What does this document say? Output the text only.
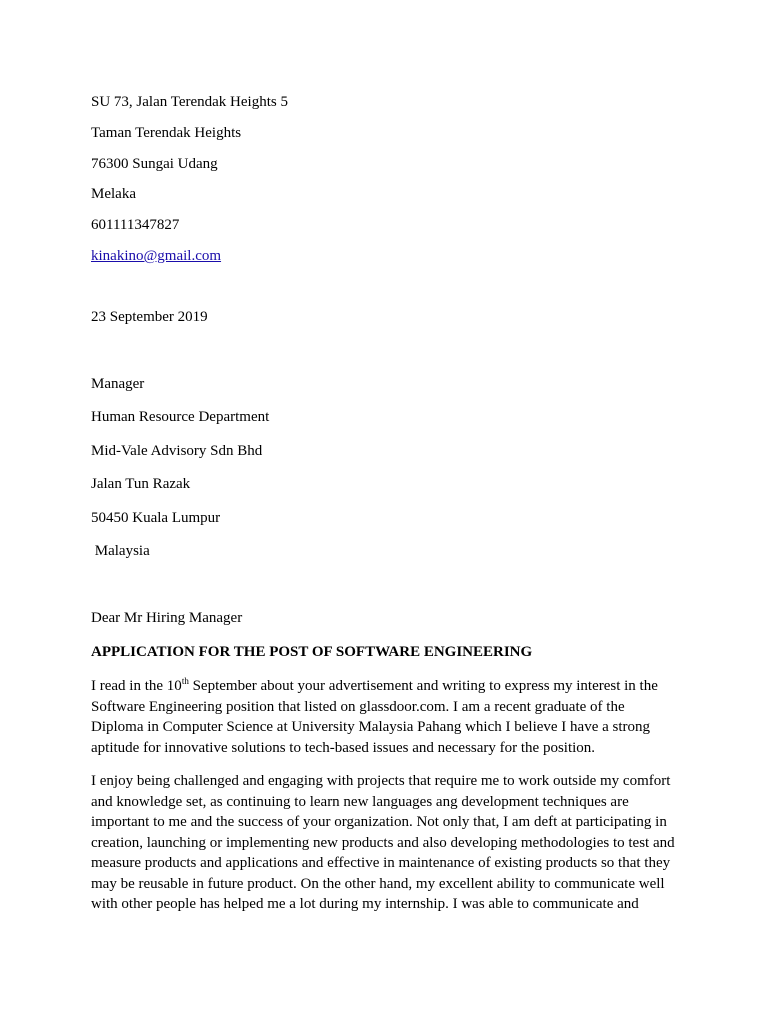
SU 73, Jalan Terendak Heights 5
Taman Terendak Heights
76300 Sungai Udang
Melaka
601111347827
kinakino@gmail.com
23 September 2019
Manager
Human Resource Department
Mid-Vale Advisory Sdn Bhd
Jalan Tun Razak
50450 Kuala Lumpur
Malaysia
Dear Mr Hiring Manager
APPLICATION FOR THE POST OF SOFTWARE ENGINEERING
I read in the 10th September about your advertisement and writing to express my interest in the
Software Engineering position that listed on glassdoor.com. I am a recent graduate of the
Diploma in Computer Science at University Malaysia Pahang which I believe I have a strong
aptitude for innovative solutions to tech-based issues and necessary for the position.
I enjoy being challenged and engaging with projects that require me to work outside my comfort
and knowledge set, as continuing to learn new languages ang development techniques are
important to me and the success of your organization. Not only that, I am deft at participating in
creation, launching or implementing new products and also developing methodologies to test and
measure products and applications and effective in maintenance of existing products so that they
may be reusable in future product. On the other hand, my excellent ability to communicate well
with other people has helped me a lot during my internship. I was able to communicate and
